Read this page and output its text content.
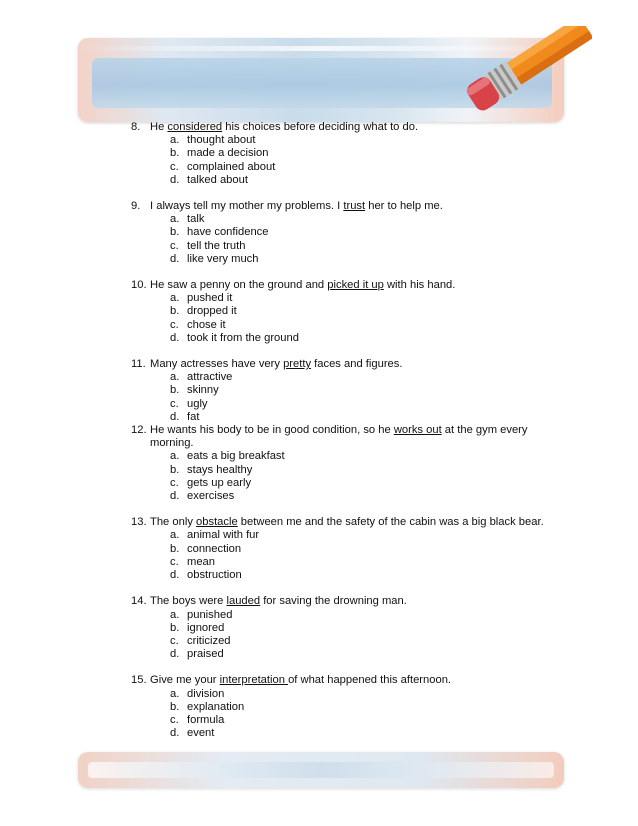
8. He considered his choices before deciding what to do.
a. thought about
b. made a decision
c. complained about
d. talked about
9. I always tell my mother my problems. I trust her to help me.
a. talk
b. have confidence
c. tell the truth
d. like very much
10. He saw a penny on the ground and picked it up with his hand.
a. pushed it
b. dropped it
c. chose it
d. took it from the ground
11. Many actresses have very pretty faces and figures.
a. attractive
b. skinny
c. ugly
d. fat
12. He wants his body to be in good condition, so he works out at the gym every morning.
a. eats a big breakfast
b. stays healthy
c. gets up early
d. exercises
13. The only obstacle between me and the safety of the cabin was a big black bear.
a. animal with fur
b. connection
c. mean
d. obstruction
14. The boys were lauded for saving the drowning man.
a. punished
b. ignored
c. criticized
d. praised
15. Give me your interpretation of what happened this afternoon.
a. division
b. explanation
c. formula
d. event
